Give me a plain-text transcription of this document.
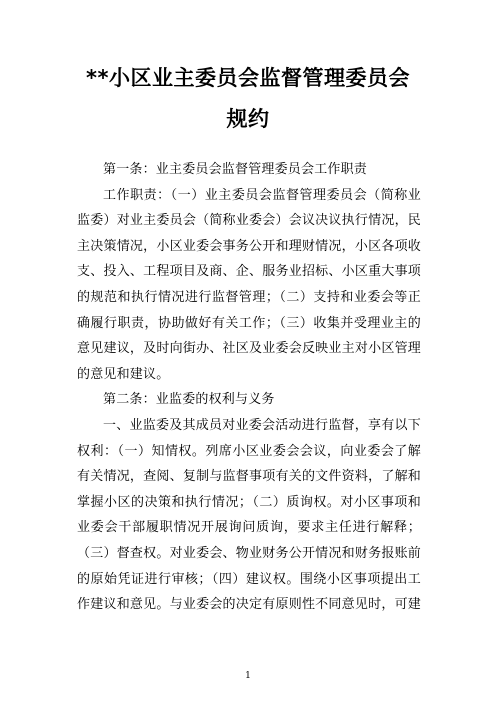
**小区业主委员会监督管理委员会
规约
第一条：业主委员会监督管理委员会工作职责
工作职责：（一）业主委员会监督管理委员会（简称业
监委）对业主委员会（简称业委会）会议决议执行情况，民
主决策情况，小区业委会事务公开和理财情况，小区各项收
支、投入、工程项目及商、企、服务业招标、小区重大事项
的规范和执行情况进行监督管理；（二）支持和业委会等正
确履行职责，协助做好有关工作；（三）收集并受理业主的
意见建议，及时向街办、社区及业委会反映业主对小区管理
的意见和建议。
第二条：业监委的权利与义务
一、业监委及其成员对业委会活动进行监督，享有以下
权利：（一）知情权。列席小区业委会会议，向业委会了解
有关情况，查阅、复制与监督事项有关的文件资料，了解和
掌握小区的决策和执行情况；（二）质询权。对小区事项和
业委会干部履职情况开展询问质询，要求主任进行解释；
（三）督查权。对业委会、物业财务公开情况和财务报账前
的原始凭证进行审核；（四）建议权。围绕小区事项提出工
作建议和意见。与业委会的决定有原则性不同意见时，可建
1
